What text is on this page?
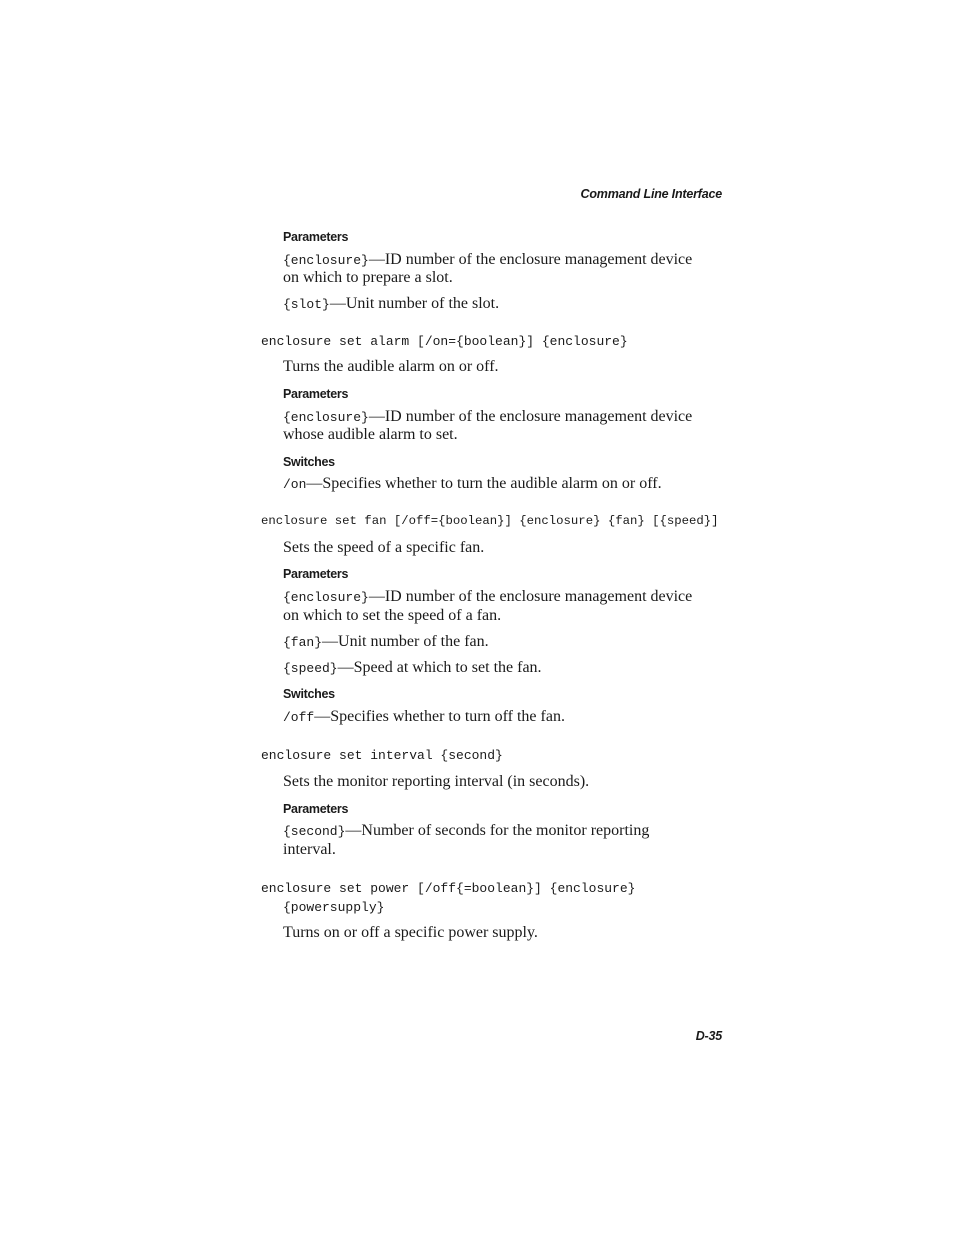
Command Line Interface
Parameters
{enclosure}—ID number of the enclosure management device
on which to prepare a slot.
{slot}—Unit number of the slot.
enclosure set alarm [/on={boolean}] {enclosure}
Turns the audible alarm on or off.
Parameters
{enclosure}—ID number of the enclosure management device
whose audible alarm to set.
Switches
/on—Specifies whether to turn the audible alarm on or off.
enclosure set fan [/off={boolean}] {enclosure} {fan} [{speed}]
Sets the speed of a specific fan.
Parameters
{enclosure}—ID number of the enclosure management device
on which to set the speed of a fan.
{fan}—Unit number of the fan.
{speed}—Speed at which to set the fan.
Switches
/off—Specifies whether to turn off the fan.
enclosure set interval {second}
Sets the monitor reporting interval (in seconds).
Parameters
{second}—Number of seconds for the monitor reporting
interval.
enclosure set power [/off{=boolean}] {enclosure}
{powersupply}
Turns on or off a specific power supply.
D-35
